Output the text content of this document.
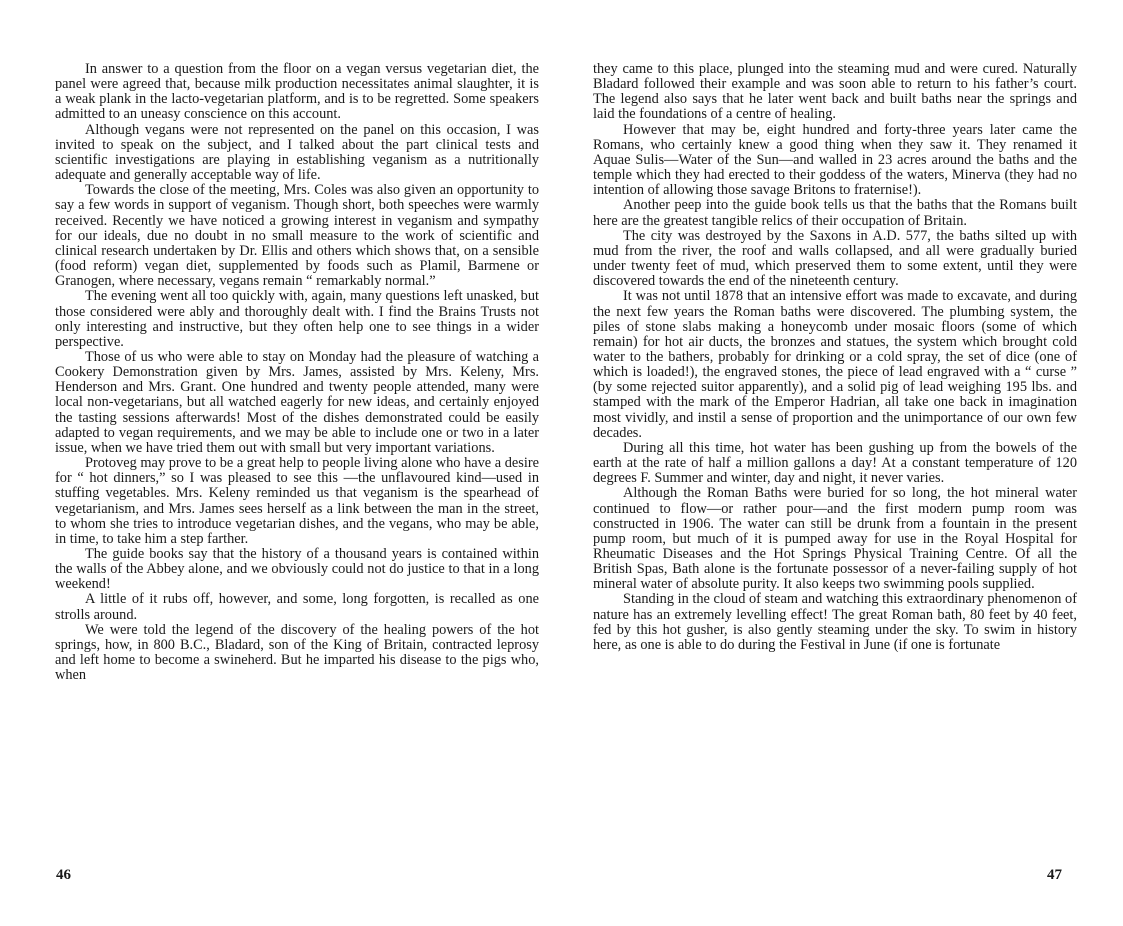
In answer to a question from the floor on a vegan versus vegetarian diet, the panel were agreed that, because milk production necessitates animal slaughter, it is a weak plank in the lacto-vegetarian platform, and is to be regretted. Some speakers admitted to an uneasy conscience on this account.

Although vegans were not represented on the panel on this occasion, I was invited to speak on the subject, and I talked about the part clinical tests and scientific investigations are playing in establishing veganism as a nutritionally adequate and generally acceptable way of life.

Towards the close of the meeting, Mrs. Coles was also given an opportunity to say a few words in support of veganism. Though short, both speeches were warmly received. Recently we have noticed a growing interest in veganism and sympathy for our ideals, due no doubt in no small measure to the work of scientific and clinical research undertaken by Dr. Ellis and others which shows that, on a sensible (food reform) vegan diet, supplemented by foods such as Plamil, Barmene or Granogen, where necessary, vegans remain “ remarkably normal.”

The evening went all too quickly with, again, many questions left unasked, but those considered were ably and thoroughly dealt with. I find the Brains Trusts not only interesting and instructive, but they often help one to see things in a wider perspective.

Those of us who were able to stay on Monday had the pleasure of watching a Cookery Demonstration given by Mrs. James, assisted by Mrs. Keleny, Mrs. Henderson and Mrs. Grant. One hundred and twenty people attended, many were local non-vegetarians, but all watched eagerly for new ideas, and certainly enjoyed the tasting sessions afterwards! Most of the dishes demonstrated could be easily adapted to vegan requirements, and we may be able to include one or two in a later issue, when we have tried them out with small but very important variations.

Protoveg may prove to be a great help to people living alone who have a desire for “ hot dinners,” so I was pleased to see this —the unflavoured kind—used in stuffing vegetables. Mrs. Keleny reminded us that veganism is the spearhead of vegetarianism, and Mrs. James sees herself as a link between the man in the street, to whom she tries to introduce vegetarian dishes, and the vegans, who may be able, in time, to take him a step farther.

The guide books say that the history of a thousand years is contained within the walls of the Abbey alone, and we obviously could not do justice to that in a long weekend!

A little of it rubs off, however, and some, long forgotten, is recalled as one strolls around.

We were told the legend of the discovery of the healing powers of the hot springs, how, in 800 B.C., Bladard, son of the King of Britain, contracted leprosy and left home to become a swineherd. But he imparted his disease to the pigs who, when

they came to this place, plunged into the steaming mud and were cured. Naturally Bladard followed their example and was soon able to return to his father’s court. The legend also says that he later went back and built baths near the springs and laid the foundations of a centre of healing.

However that may be, eight hundred and forty-three years later came the Romans, who certainly knew a good thing when they saw it. They renamed it Aquae Sulis—Water of the Sun—and walled in 23 acres around the baths and the temple which they had erected to their goddess of the waters, Minerva (they had no intention of allowing those savage Britons to fraternise!).

Another peep into the guide book tells us that the baths that the Romans built here are the greatest tangible relics of their occupation of Britain.

The city was destroyed by the Saxons in A.D. 577, the baths silted up with mud from the river, the roof and walls collapsed, and all were gradually buried under twenty feet of mud, which preserved them to some extent, until they were discovered towards the end of the nineteenth century.

It was not until 1878 that an intensive effort was made to excavate, and during the next few years the Roman baths were discovered. The plumbing system, the piles of stone slabs making a honeycomb under mosaic floors (some of which remain) for hot air ducts, the bronzes and statues, the system which brought cold water to the bathers, probably for drinking or a cold spray, the set of dice (one of which is loaded!), the engraved stones, the piece of lead engraved with a “ curse ” (by some rejected suitor apparently), and a solid pig of lead weighing 195 lbs. and stamped with the mark of the Emperor Hadrian, all take one back in imagination most vividly, and instil a sense of proportion and the unimportance of our own few decades.

During all this time, hot water has been gushing up from the bowels of the earth at the rate of half a million gallons a day! At a constant temperature of 120 degrees F. Summer and winter, day and night, it never varies.

Although the Roman Baths were buried for so long, the hot mineral water continued to flow—or rather pour—and the first modern pump room was constructed in 1906. The water can still be drunk from a fountain in the present pump room, but much of it is pumped away for use in the Royal Hospital for Rheumatic Diseases and the Hot Springs Physical Training Centre. Of all the British Spas, Bath alone is the fortunate possessor of a never-failing supply of hot mineral water of absolute purity. It also keeps two swimming pools supplied.

Standing in the cloud of steam and watching this extraordinary phenomenon of nature has an extremely levelling effect! The great Roman bath, 80 feet by 40 feet, fed by this hot gusher, is also gently steaming under the sky. To swim in history here, as one is able to do during the Festival in June (if one is fortunate

46	47
